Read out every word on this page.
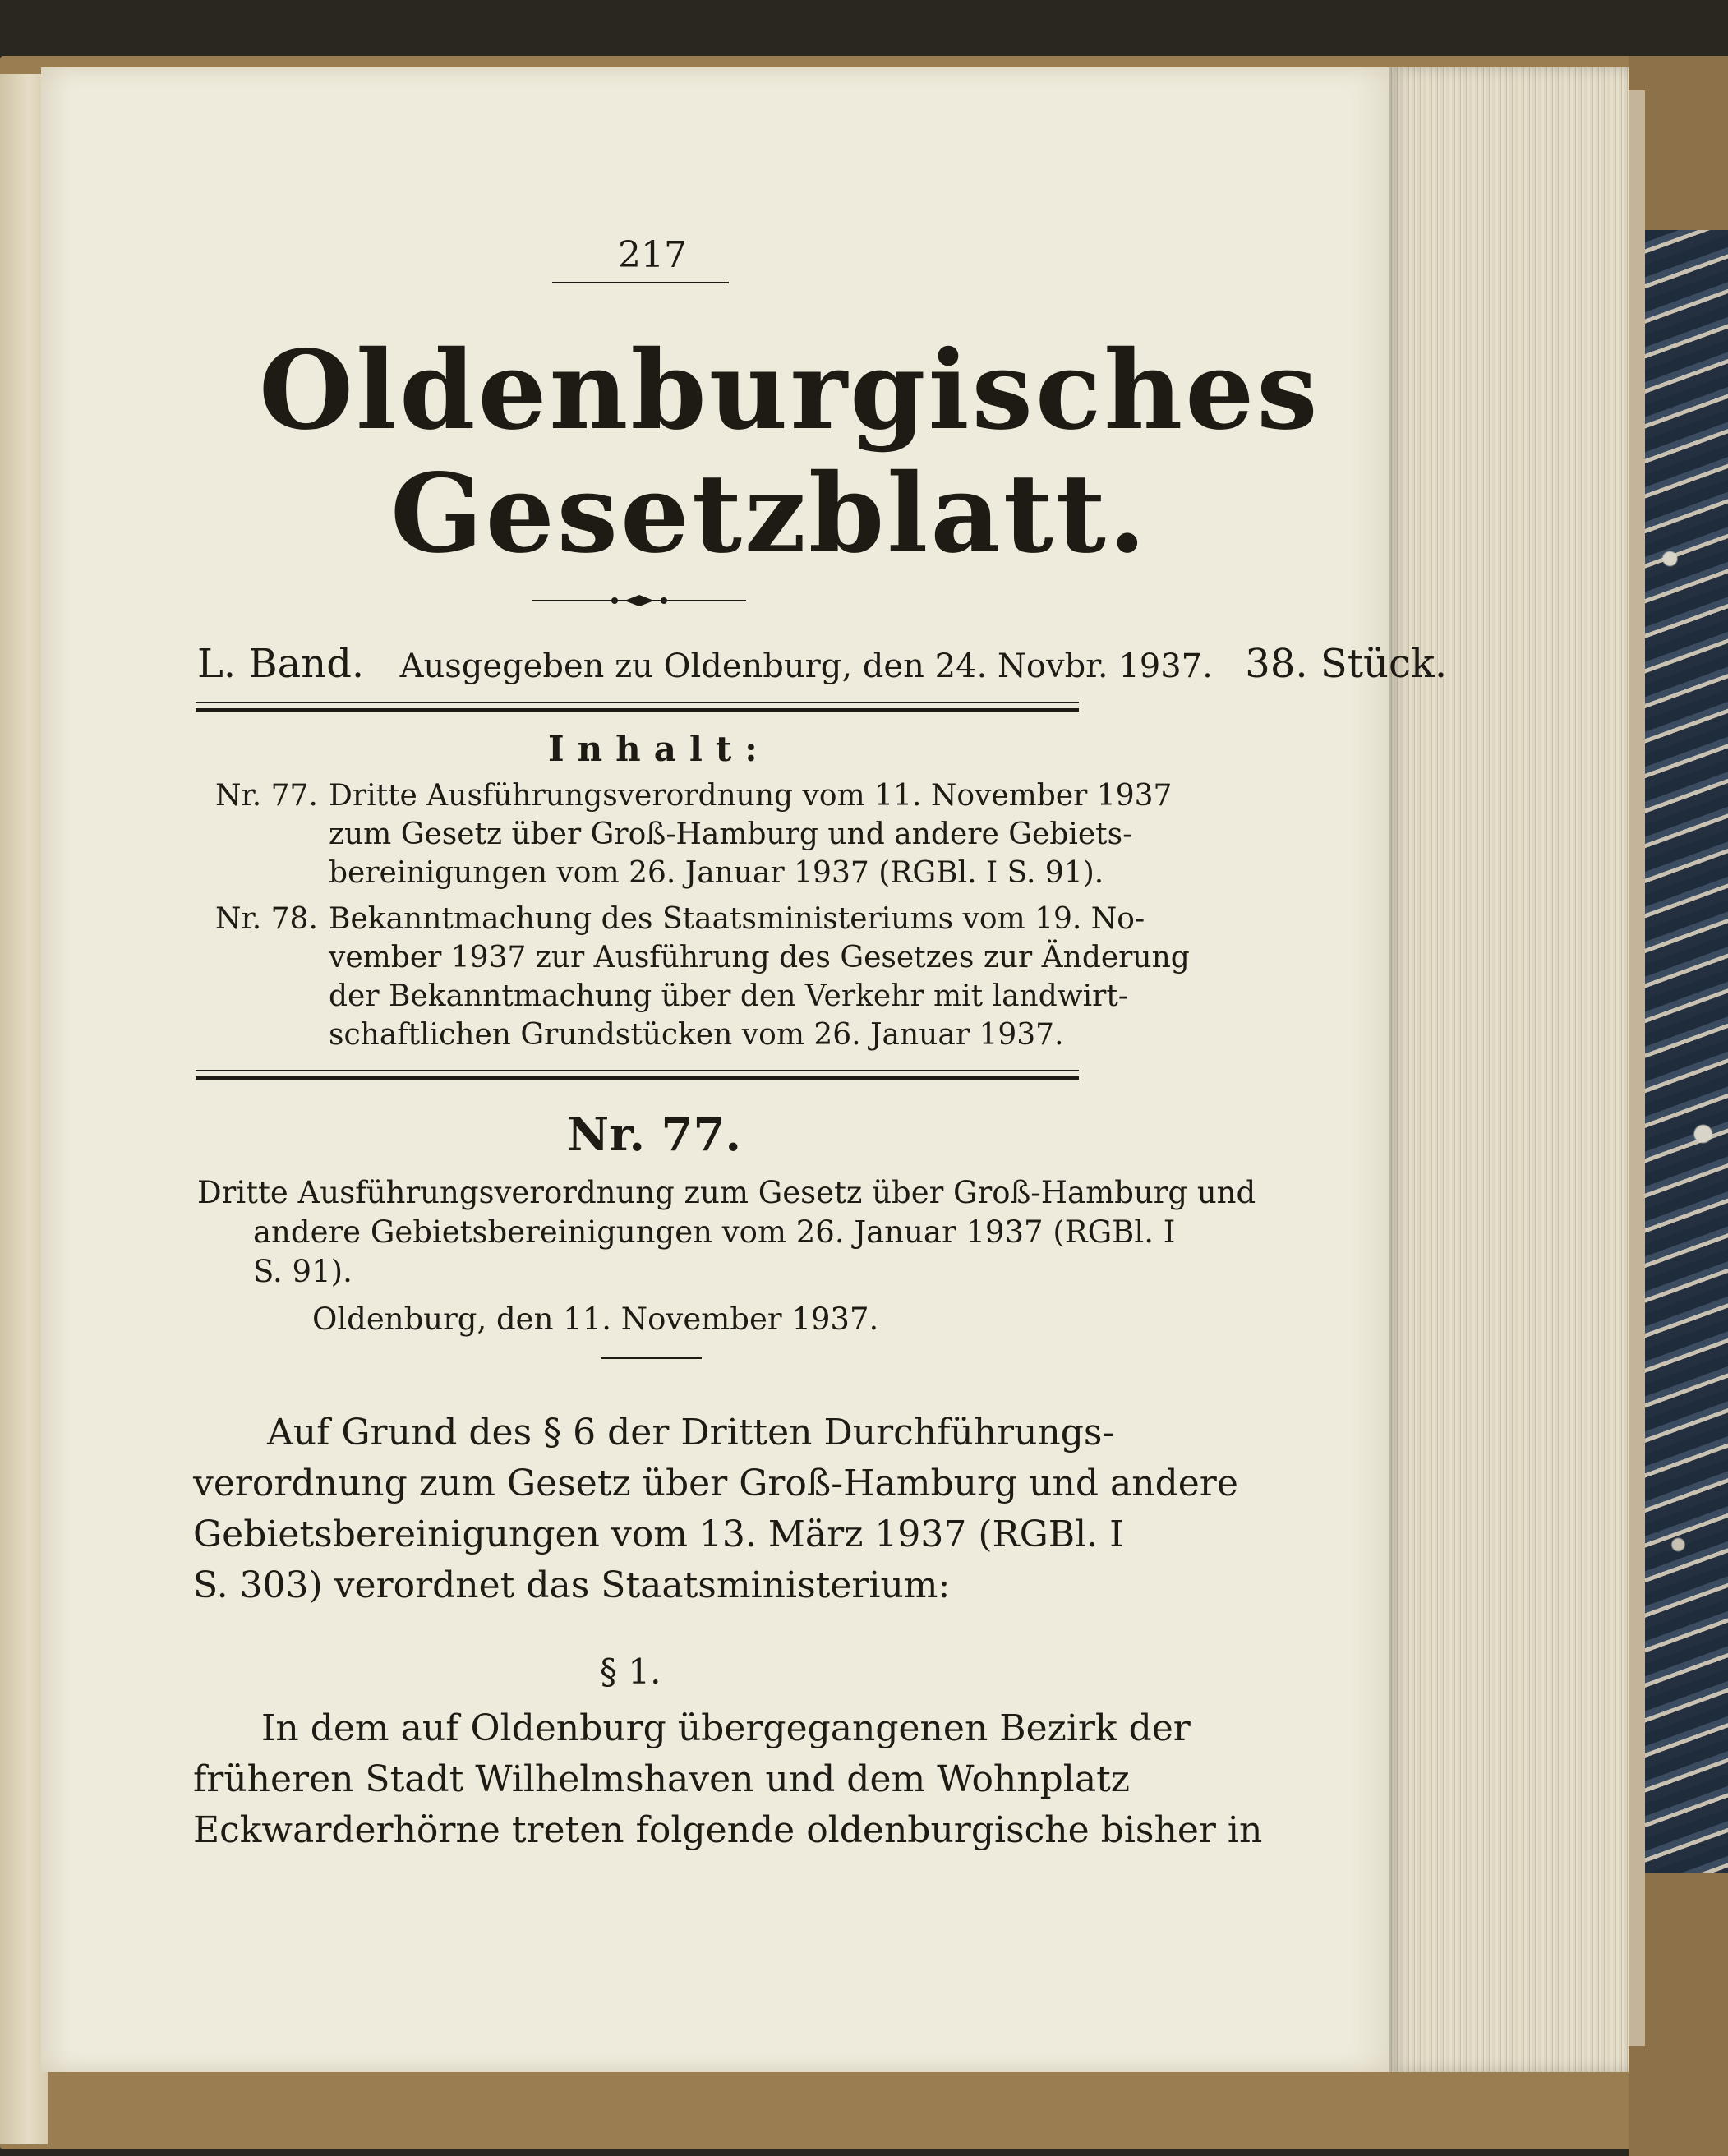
217
Oldenburgisches
Gesetzblatt.
L. Band. Ausgegeben zu Oldenburg, den 24. Novbr. 1937. 38. Stück.
Inhalt:
Nr. 77. Dritte Ausführungsverordnung vom 11. November 1937
zum Gesetz über Groß-Hamburg und andere Gebiets-
bereinigungen vom 26. Januar 1937 (RGBl. I S. 91).
Nr. 78. Bekanntmachung des Staatsministeriums vom 19. No-
vember 1937 zur Ausführung des Gesetzes zur Änderung
der Bekanntmachung über den Verkehr mit landwirt-
schaftlichen Grundstücken vom 26. Januar 1937.
Nr. 77.
Dritte Ausführungsverordnung zum Gesetz über Groß-Hamburg und
andere Gebietsbereinigungen vom 26. Januar 1937 (RGBl. I
S. 91).
Oldenburg, den 11. November 1937.
Auf Grund des § 6 der Dritten Durchführungs-
verordnung zum Gesetz über Groß-Hamburg und andere
Gebietsbereinigungen vom 13. März 1937 (RGBl. I
S. 303) verordnet das Staatsministerium:
§ 1.
In dem auf Oldenburg übergegangenen Bezirk der
früheren Stadt Wilhelmshaven und dem Wohnplatz
Eckwarderhörne treten folgende oldenburgische bisher in
